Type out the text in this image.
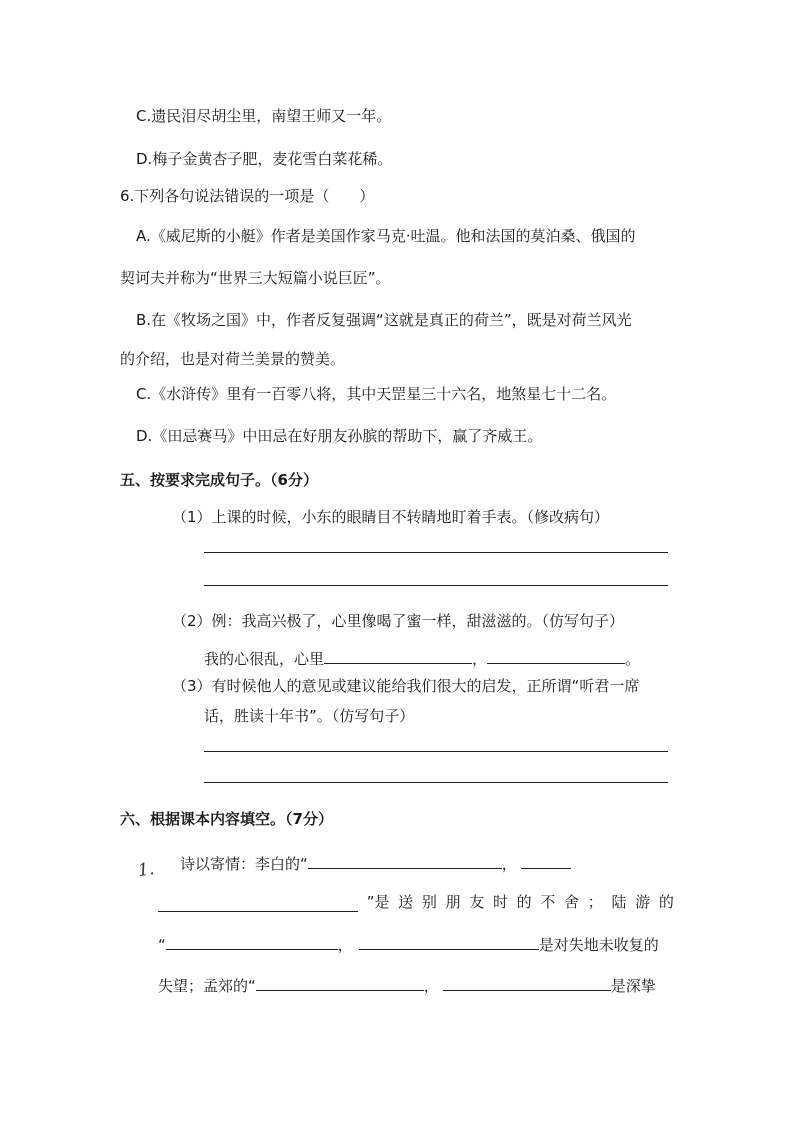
C.遗民泪尽胡尘里，南望王师又一年。
D.梅子金黄杏子肥，麦花雪白菜花稀。
6.下列各句说法错误的一项是（　　）
A.《威尼斯的小艇》作者是美国作家马克·吐温。他和法国的莫泊桑、俄国的
契诃夫并称为“世界三大短篇小说巨匠”。
B.在《牧场之国》中，作者反复强调“这就是真正的荷兰”，既是对荷兰风光
的介绍，也是对荷兰美景的赞美。
C.《水浒传》里有一百零八将，其中天罡星三十六名，地煞星七十二名。
D.《田忌赛马》中田忌在好朋友孙膑的帮助下，赢了齐威王。
五、按要求完成句子。（6分）
（1）上课的时候，小东的眼睛目不转睛地盯着手表。（修改病句）
（2）例：我高兴极了，心里像喝了蜜一样，甜滋滋的。（仿写句子）
我的心很乱，心里	，	。
（3）有时候他人的意见或建议能给我们很大的启发，正所谓“听君一席
话，胜读十年书”。（仿写句子）
六、根据课本内容填空。（7分）
1. 诗以寄情：李白的“	，
”是 送 别 朋 友 时 的 不 舍 ； 陆 游 的
“	，	是对失地未收复的
失望；孟郊的“	，	是深挚
